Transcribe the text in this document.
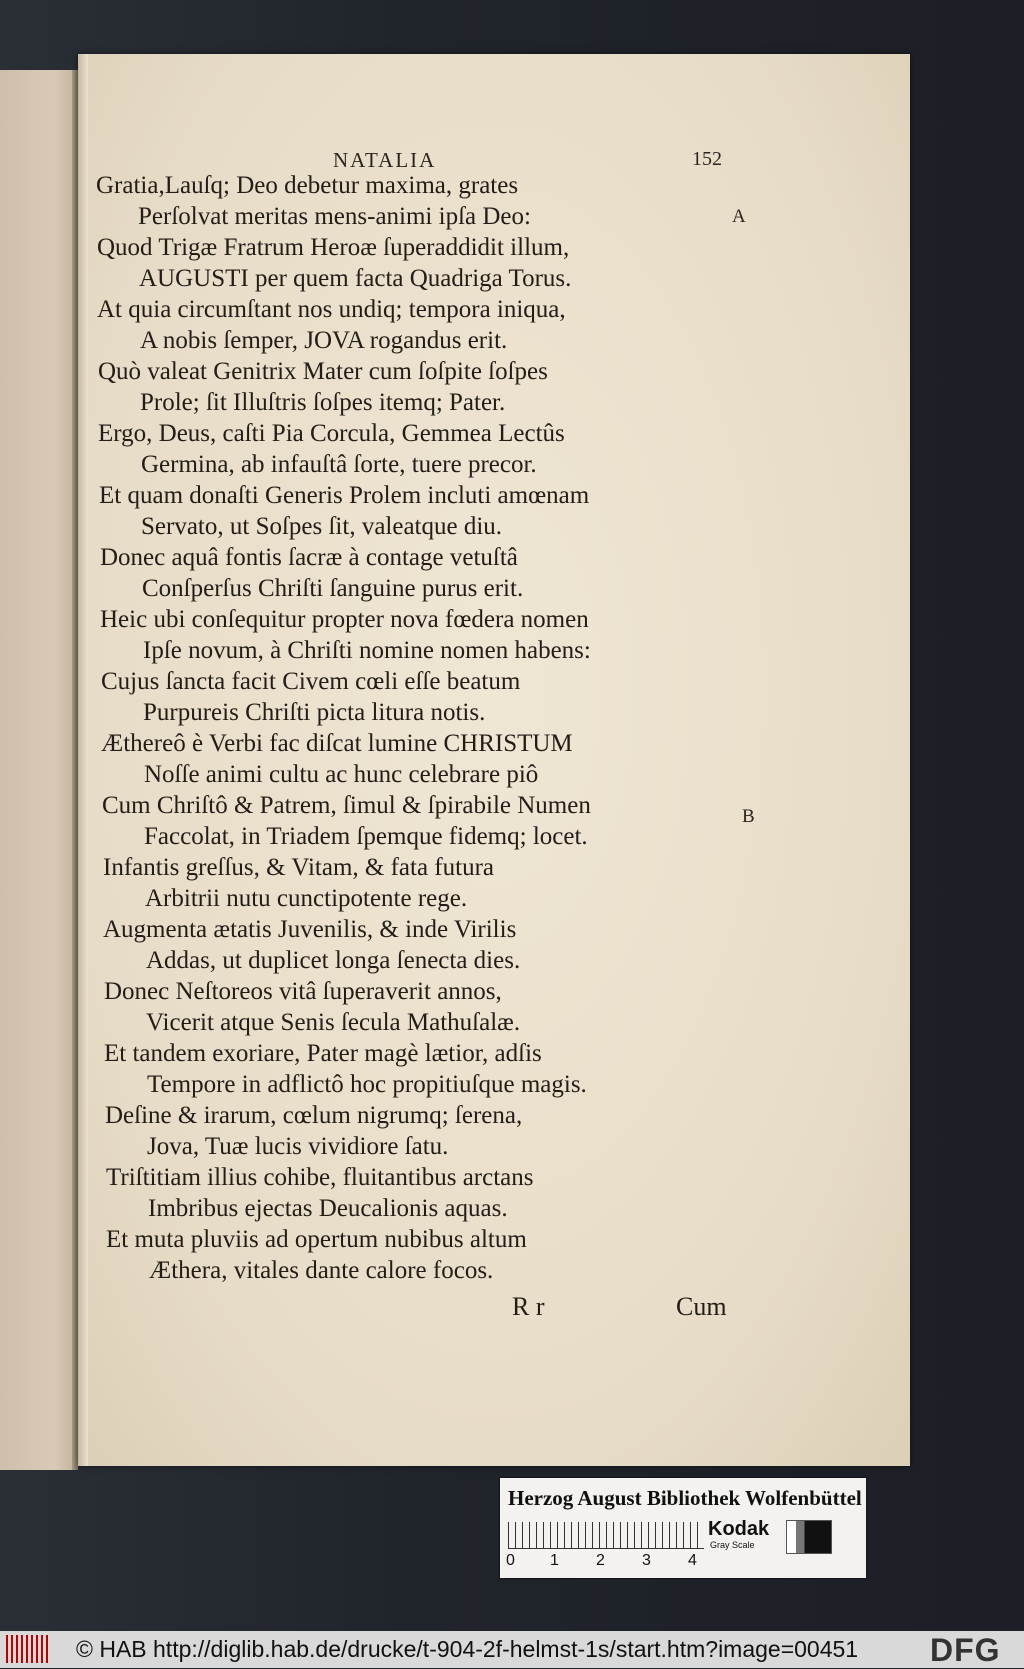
NATALIA	152
Gratia,Lauſq; Deo debetur maxima, grates
Perſolvat meritas mens-animi ipſa Deo:
Quod Trigæ Fratrum Heroæ ſuperaddidit illum,
AUGUSTI per quem facta Quadriga Torus.
At quia circumſtant nos undiq; tempora iniqua,
A nobis ſemper, JOVA rogandus erit.
Quò valeat Genitrix Mater cum ſoſpite ſoſpes
Prole; ſit Illuſtris ſoſpes itemq; Pater.
Ergo, Deus, caſti Pia Corcula, Gemmea Lectûs
Germina, ab infauſtâ ſorte, tuere precor.
Et quam donaſti Generis Prolem incluti amœnam
Servato, ut Soſpes ſit, valeatque diu.
Donec aquâ fontis ſacræ à contage vetuſtâ
Conſperſus Chriſti ſanguine purus erit.
Heic ubi conſequitur propter nova fœdera nomen
Ipſe novum, à Chriſti nomine nomen habens:
Cujus ſancta facit Civem cœli eſſe beatum
Purpureis Chriſti picta litura notis.
Æthereô è Verbi fac diſcat lumine CHRISTUM
Noſſe animi cultu ac hunc celebrare piô
Cum Chriſtô & Patrem, ſimul & ſpirabile Numen
Faccolat, in Triadem ſpemque fidemq; locet.
Infantis greſſus, & Vitam, & fata futura
Arbitrii nutu cunctipotente rege.
Augmenta ætatis Juvenilis, & inde Virilis
Addas, ut duplicet longa ſenecta dies.
Donec Neſtoreos vitâ ſuperaverit annos,
Vicerit atque Senis ſecula Mathuſalæ.
Et tandem exoriare, Pater magè lætior, adſis
Tempore in adflictô hoc propitiuſque magis.
Deſine & irarum, cœlum nigrumq; ſerena,
Jova, Tuæ lucis vividiore ſatu.
Triſtitiam illius cohibe, fluitantibus arctans
Imbribus ejectas Deucalionis aquas.
Et muta pluviis ad opertum nubibus altum
Æthera, vitales dante calore focos.
A
B
R r	Cum
Herzog August Bibliothek Wolfenbüttel
0 1 2 3 4
Kodak
Gray Scale
© HAB http://diglib.hab.de/drucke/t-904-2f-helmst-1s/start.htm?image=00451 DFG
